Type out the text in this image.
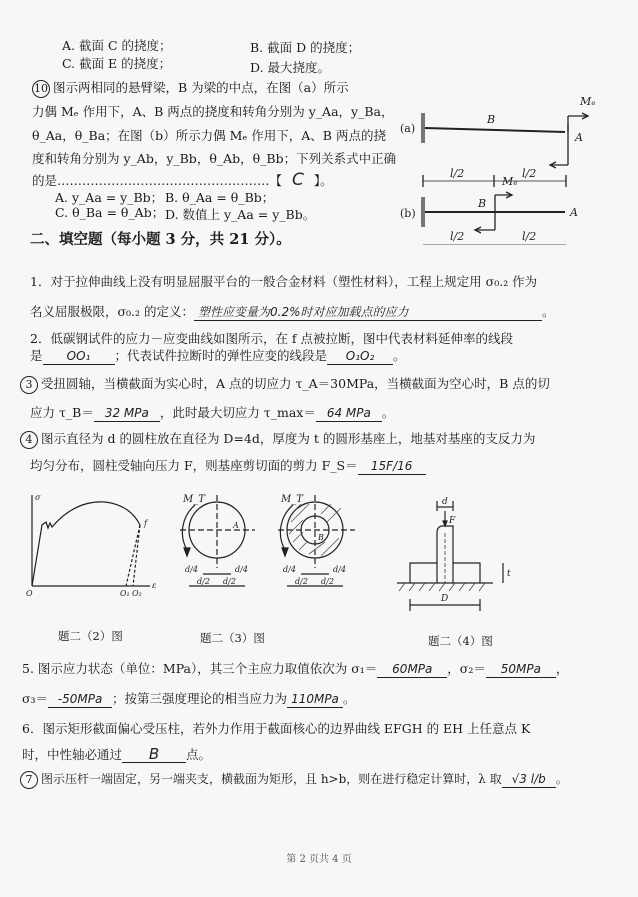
A. 截面 C 的挠度；	B. 截面 D 的挠度；
C. 截面 E 的挠度；	D. 最大挠度。
10 图示两相同的悬臂梁，B 为梁的中点，在图（a）所示
力偶 Mₑ 作用下，A、B 两点的挠度和转角分别为 y_Aa，y_Ba，
θ_Aa，θ_Ba；在图（b）所示力偶 Mₑ 作用下，A、B 两点的挠
度和转角分别为 y_Ab，y_Bb，θ_Ab，θ_Bb；下列关系式中正确
的是……………………………………………【 C 】。
A. y_Aa = y_Bb； B. θ_Aa = θ_Bb；
C. θ_Ba = θ_Ab； D. 数值上 y_Aa = y_Bb。
(a)
B
A
Mₑ
l/2	l/2
(b)
B
A
Mₑ
l/2	l/2
二、填空题（每小题 3 分，共 21 分）。
1．对于拉伸曲线上没有明显屈服平台的一般合金材料（塑性材料），工程上规定用 σ₀.₂ 作为
名义屈服极限，σ₀.₂ 的定义： 塑性应变量为0.2%时对应加载点的应力	。
2．低碳钢试件的应力－应变曲线如图所示，在 f 点被拉断，图中代表材料延伸率的线段
是 OO₁ ；代表试件拉断时的弹性应变的线段是 O₁O₂ 。
3 受扭圆轴，当横截面为实心时，A 点的切应力 τ_A＝30MPa，当横截面为空心时，B 点的切
应力 τ_B＝ 32 MPa ，此时最大切应力 τ_max＝ 64 MPa 。
4 图示直径为 d 的圆柱放在直径为 D=4d，厚度为 t 的圆形基座上，地基对基座的支反力为
均匀分布，圆柱受轴向压力 F，则基座剪切面的剪力 F_S＝ 15F/16
σ
ε
O	O₁ O₂
f
M_T
A
d/4	d/4
d/2 d/2
M_T
B
d/4	d/4
d/2 d/2
d
F
D
t
题二（2）图	题二（3）图	题二（4）图
5. 图示应力状态（单位：MPa），其三个主应力取值依次为 σ₁＝ 60MPa ，σ₂＝ 50MPa ，
σ₃＝ -50MPa ；按第三强度理论的相当应力为 110MPa 。
6．图示矩形截面偏心受压柱，若外力作用于截面核心的边界曲线 EFGH 的 EH 上任意点 K
时，中性轴必通过 B 点。
7 图示压杆一端固定，另一端夹支，横截面为矩形，且 h>b，则在进行稳定计算时，λ 取 √3 l/b 。
第 2 页共 4 页
